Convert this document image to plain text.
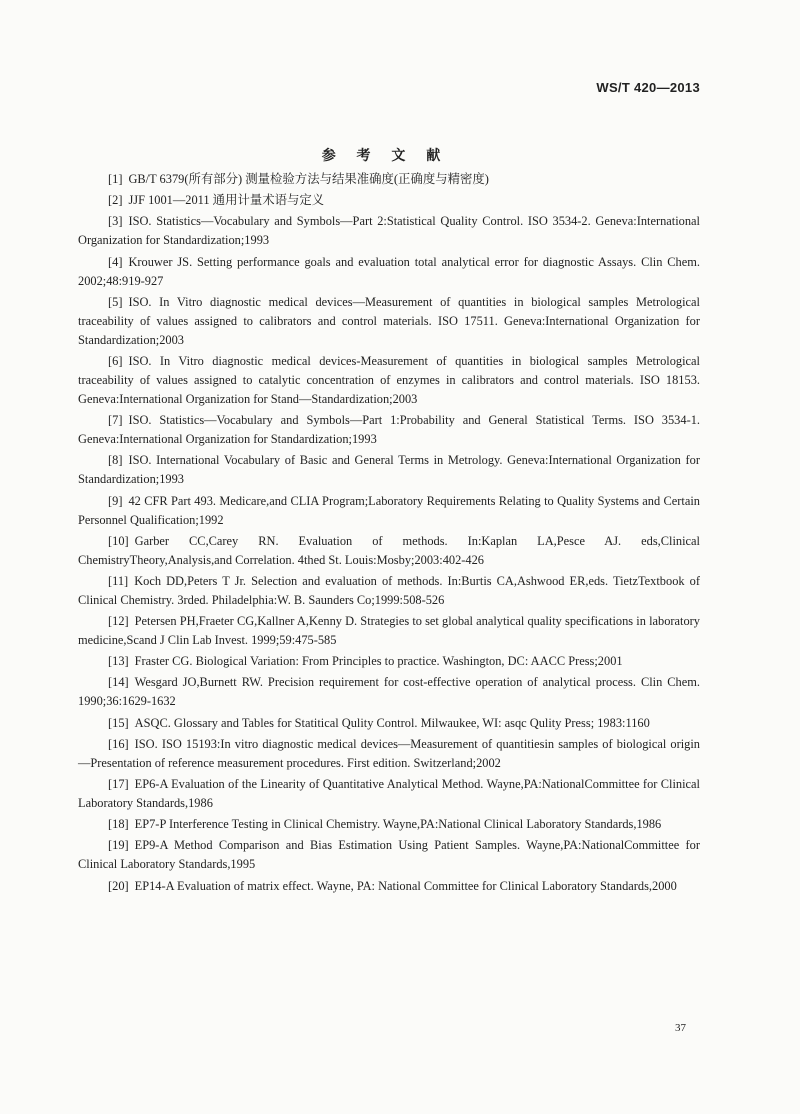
WS/T 420—2013
参 考 文 献
[1] GB/T 6379(所有部分) 测量检验方法与结果准确度(正确度与精密度)
[2] JJF 1001—2011 通用计量术语与定义
[3] ISO. Statistics—Vocabulary and Symbols—Part 2:Statistical Quality Control. ISO 3534-2. Geneva:International Organization for Standardization;1993
[4] Krouwer JS. Setting performance goals and evaluation total analytical error for diagnostic Assays. Clin Chem. 2002;48:919-927
[5] ISO. In Vitro diagnostic medical devices—Measurement of quantities in biological samples Metrological traceability of values assigned to calibrators and control materials. ISO 17511. Geneva:International Organization for Standardization;2003
[6] ISO. In Vitro diagnostic medical devices-Measurement of quantities in biological samples Metrological traceability of values assigned to catalytic concentration of enzymes in calibrators and control materials. ISO 18153. Geneva:International Organization for Stand—Standardization;2003
[7] ISO. Statistics—Vocabulary and Symbols—Part 1:Probability and General Statistical Terms. ISO 3534-1. Geneva:International Organization for Standardization;1993
[8] ISO. International Vocabulary of Basic and General Terms in Metrology. Geneva:International Organization for Standardization;1993
[9] 42 CFR Part 493. Medicare,and CLIA Program;Laboratory Requirements Relating to Quality Systems and Certain Personnel Qualification;1992
[10] Garber CC,Carey RN. Evaluation of methods. In:Kaplan LA,Pesce AJ. eds,Clinical ChemistryTheory,Analysis,and Correlation. 4thed St. Louis:Mosby;2003:402-426
[11] Koch DD,Peters T Jr. Selection and evaluation of methods. In:Burtis CA,Ashwood ER,eds. TietzTextbook of Clinical Chemistry. 3rded. Philadelphia:W. B. Saunders Co;1999:508-526
[12] Petersen PH,Fraeter CG,Kallner A,Kenny D. Strategies to set global analytical quality specifications in laboratory medicine,Scand J Clin Lab Invest. 1999;59:475-585
[13] Fraster CG. Biological Variation: From Principles to practice. Washington, DC: AACC Press;2001
[14] Wesgard JO,Burnett RW. Precision requirement for cost-effective operation of analytical process. Clin Chem. 1990;36:1629-1632
[15] ASQC. Glossary and Tables for Statitical Qulity Control. Milwaukee, WI: asqc Qulity Press; 1983:1160
[16] ISO. ISO 15193:In vitro diagnostic medical devices—Measurement of quantitiesin samples of biological origin—Presentation of reference measurement procedures. First edition. Switzerland;2002
[17] EP6-A Evaluation of the Linearity of Quantitative Analytical Method. Wayne,PA:NationalCommittee for Clinical Laboratory Standards,1986
[18] EP7-P Interference Testing in Clinical Chemistry. Wayne,PA:National Clinical Laboratory Standards,1986
[19] EP9-A Method Comparison and Bias Estimation Using Patient Samples. Wayne,PA:NationalCommittee for Clinical Laboratory Standards,1995
[20] EP14-A Evaluation of matrix effect. Wayne, PA: National Committee for Clinical Laboratory Standards,2000
37
